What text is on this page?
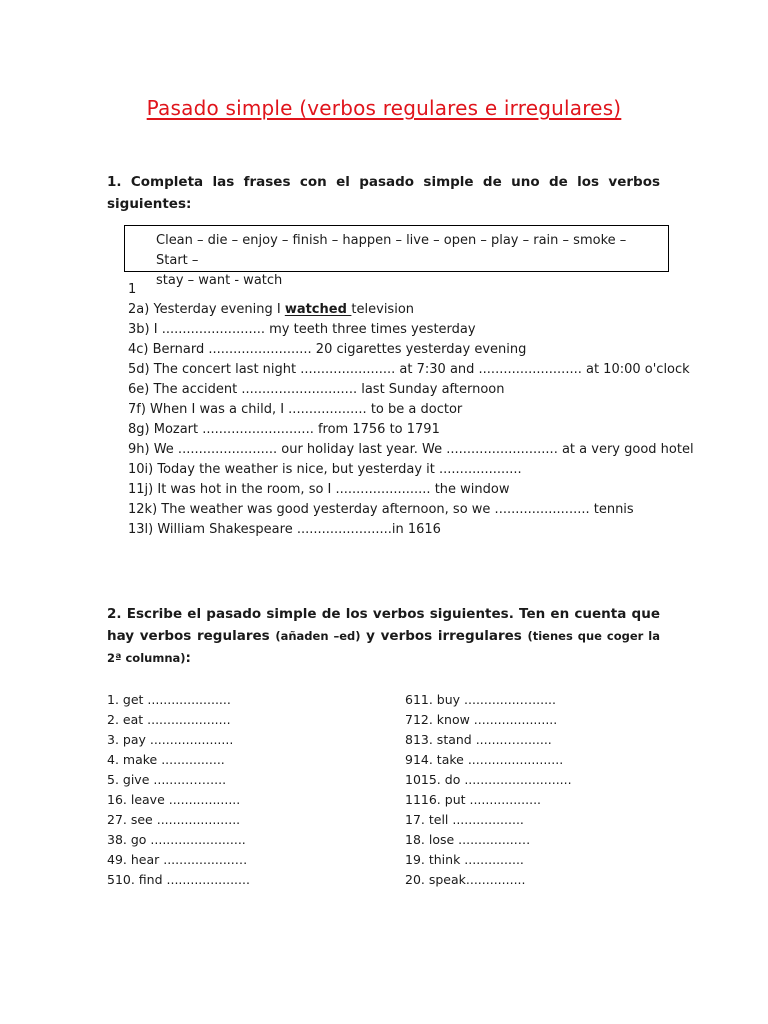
Pasado simple (verbos regulares e irregulares)
1. Completa las frases con el pasado simple de uno de los verbos siguientes:
Clean – die – enjoy – finish – happen – live – open – play – rain – smoke – Start –
stay – want - watch
1
2a) Yesterday evening I watched television
3b) I ......................... my teeth three times yesterday
4c) Bernard ......................... 20 cigarettes yesterday evening
5d) The concert last night ....................... at 7:30 and ......................... at 10:00 o'clock
6e) The accident ............................ last Sunday afternoon
7f) When I was a child, I ................... to be a doctor
8g) Mozart ........................... from 1756 to 1791
9h) We ........................ our holiday last year. We ........................... at a very good hotel
10i) Today the weather is nice, but yesterday it ....................
11j) It was hot in the room, so I ....................... the window
12k) The weather was good yesterday afternoon, so we ....................... tennis
13l) William Shakespeare .......................in 1616
2. Escribe el pasado simple de los verbos siguientes. Ten en cuenta que hay verbos regulares (añaden –ed) y verbos irregulares (tienes que coger la 2ª columna):
1. get .....................
2. eat .....................
3. pay .....................
4. make ................
5. give ........……....
16. leave ..................
27. see .....................
38. go ........................
49. hear ..................…
510. find .....................
611. buy ..............…......
712. know .....................
813. stand ........…........
914. take ........................
1015. do ...........................
1116. put ..................
17. tell ..................
18. lose ...............…
19. think ...............
20. speak...............
